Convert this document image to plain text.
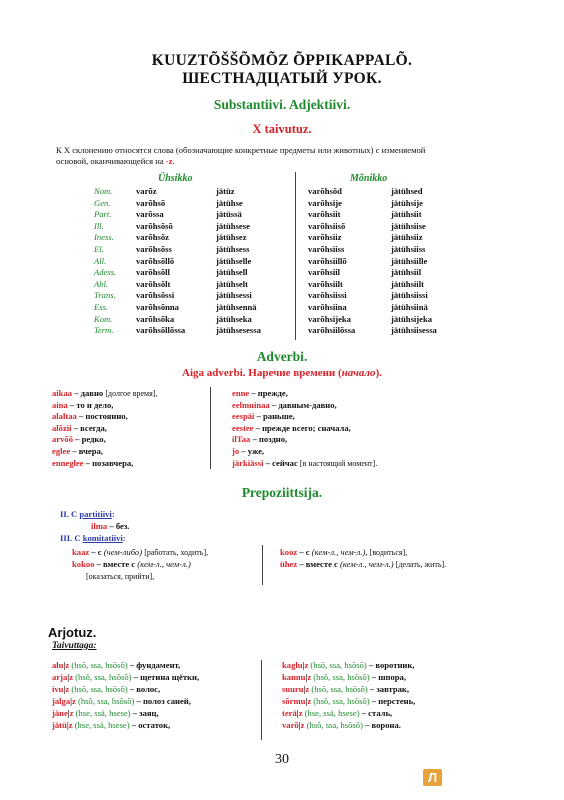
KUUZTÕŠŠÕMÕZ ÕPPIKAPPALÕ.
ШЕСТНАДЦАТЫЙ УРОК.
Substantiivi. Adjektiivi.
X taivutuz.
К X склонению относятся слова (обозначающие конкретные предметы или животных) с изменяемой
основой, оканчивающейся на -z.
Ühsikko	Mõnikko
Nom.	varõz	jätüz	varõhsõd	jätühsed
Gen.	varõhsõ	jätühse	varõhsije	jätühsije
Part.	varõssa	jätüssä	varõhsiit	jätühsiit
Ill.	varõhsõsõ	jätühsese	varõhsiisõ	jätühsiise
Iness.	varõhsõz	jätühsez	varõhsiiz	jätühsiiz
El.	varõhsõss	jätühsess	varõhsiiss	jätühsiiss
All.	varõhsõllõ	jätühselle	varõhsiillõ	jätühsiille
Adess. varõhsõll	jätühsell	varõhsiil	jätühsiil
Abl.	varõhsõlt	jätühselt	varõhsiilt	jätühsiilt
Trans. varõhsõssi	jätühsessi	varõhsiissi	jätühsiissi
Ess.	varõhsõnna	jätühsennä	varõhsiina	jätühsiinä
Kom.	varõhsõka	jätühseka	varõhsijeka	jätühsijeka
Term.	varõhsõllõssa	jätühsesessa	varõhsiilõssa	jätühsiisessa
Adverbi.
Aiga adverbi. Наречие времени (начало).
aikaa – давно [долгое время],
aina – то и дело,
alaltaa – постоянно,
alõzii – всегда,
arvõõ – редко,
eglee – вчера,
enneglee – позавчера,
enne – прежде,
eelmuinaa – давным-давно,
eespäi – раньше,
eestee – прежде всего; сначала,
ilTaa – поздно,
jo – уже,
järkiässi – сейчас [в настоящий момент].
Prepoziittsija.
II. С partitiivi:
ilma – без.
III. С komitatiivi:
kaaz – с (чем-либо) [работать, ходить],
kokoo – вместе с (кем-л., чем-л.)
[оказаться, прийти],
kooz – с (кем-л., чем-л.), [водиться],
ühez – вместе с (кем-л., чем-л.) [делать, жить].
Arjotuz.
Taivuttaga:
alu|z (hsõ, ssa, hsõsõ) – фундамент,
arja|z (hsõ, ssa, hsõsõ) – щетина щётки,
ivu|z (hsõ, ssa, hsõsõ) – волос,
jalga|z (hsõ, ssa, hsõsõ) – полоз саней,
jäne|z (hse, ssä, hsese) – заяц,
jätü|z (hse, ssä, hsese) – остаток,
kaglu|z (hsõ, ssa, hsõsõ) – воротник,
kannu|z (hsõ, ssa, hsõsõ) – шпора,
suuru|z (hsõ, ssa, hsõsõ) – завтрак,
sõrmu|z (hsõ, ssa, hsõsõ) – перстень,
terä|z (hse, ssä, hsese) – сталь,
varõ|z (hsõ, ssa, hsõsõ) – ворона.
30
Л
